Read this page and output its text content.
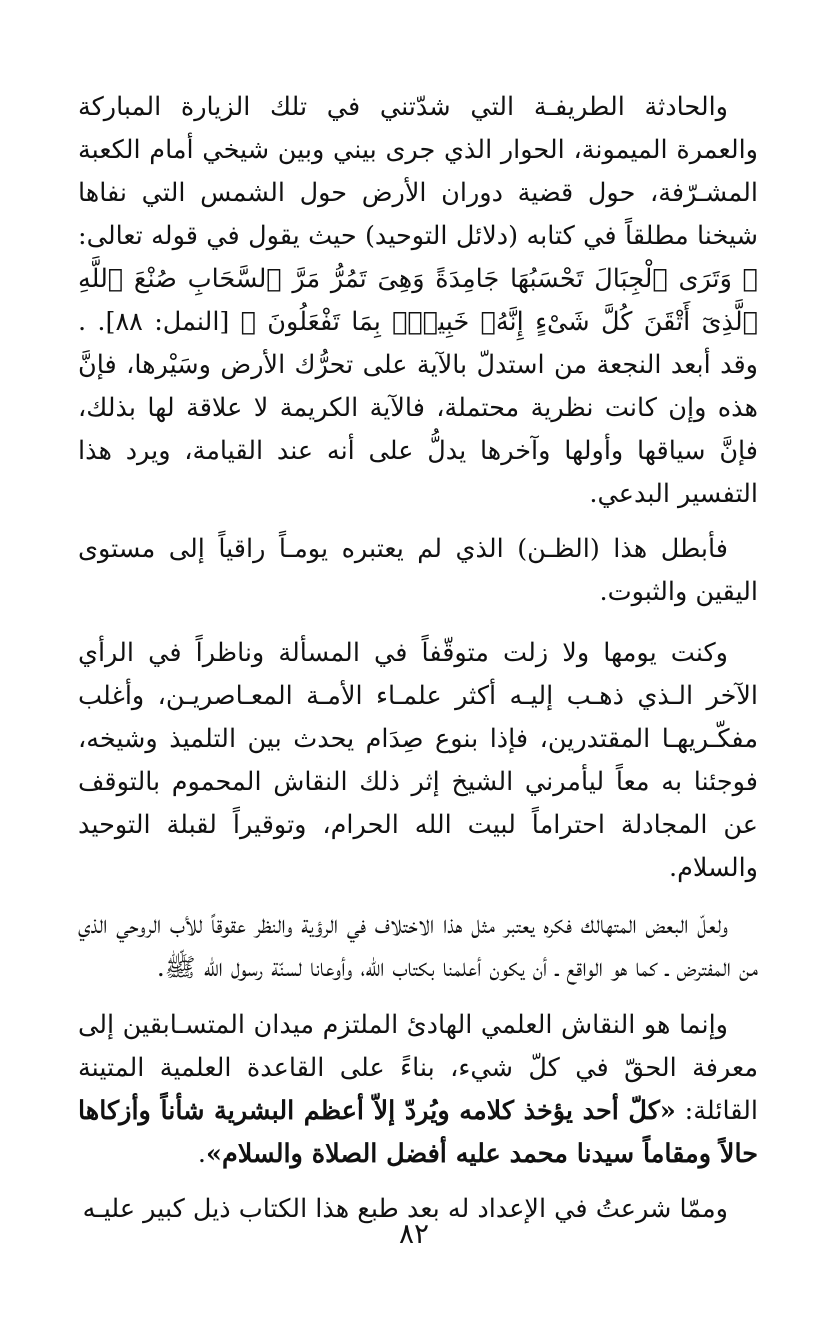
والحادثة الطريفـة التي شدّتني في تلك الزيارة المباركة والعمرة الميمونة، الحوار الذي جرى بيني وبين شيخي أمام الكعبة المشـرّفة، حول قضية دوران الأرض حول الشمس التي نفاها شيخنا مطلقاً في كتابه (دلائل التوحيد) حيث يقول في قوله تعالى: ﴿ وَتَرَى ٱلْجِبَالَ تَحْسَبُهَا جَامِدَةً وَهِىَ تَمُرُّ مَرَّ ٱلسَّحَابِ صُنْعَ ٱللَّهِ ٱلَّذِىٓ أَتْقَنَ كُلَّ شَىْءٍ إِنَّهُۥ خَبِيرٌۢ بِمَا تَفْعَلُونَ ﴾ [النمل: ٨٨]. . وقد أبعد النجعة من استدلّ بالآية على تحرُّك الأرض وسَيْرها، فإنَّ هذه وإن كانت نظرية محتملة، فالآية الكريمة لا علاقة لها بذلك، فإنَّ سياقها وأولها وآخرها يدلُّ على أنه عند القيامة، ويرد هذا التفسير البدعي.

فأبطل هذا (الظـن) الذي لم يعتبره يومـاً راقياً إلى مستوى اليقين والثبوت.

وكنت يومها ولا زلت متوقّفاً في المسألة وناظراً في الرأي الآخر الـذي ذهـب إليـه أكثر علمـاء الأمـة المعـاصريـن، وأغلب مفكّـريهـا المقتدرين، فإذا بنوع صِدَام يحدث بين التلميذ وشيخه، فوجئنا به معاً ليأمرني الشيخ إثر ذلك النقاش المحموم بالتوقف عن المجادلة احتراماً لبيت الله الحرام، وتوقيراً لقبلة التوحيد والسلام.

ولعلّ البعض المتهالك فكره يعتبر مثل هذا الاختلاف في الرؤية والنظر عقوقاً للأب الروحي الذي من المفترض ـ كما هو الواقع ـ أن يكون أعلمنا بكتاب الله، وأوعانا لسنّة رسول الله ﷺ.

وإنما هو النقاش العلمي الهادئ الملتزم ميدان المتسـابقين إلى معرفة الحقّ في كلّ شيء، بناءً على القاعدة العلمية المتينة القائلة: «كلّ أحد يؤخذ كلامه ويُردّ إلاّ أعظم البشرية شأناً وأزكاها حالاً ومقاماً سيدنا محمد عليه أفضل الصلاة والسلام».

وممّا شرعتُ في الإعداد له بعد طبع هذا الكتاب ذيل كبير عليـه

٨٢
